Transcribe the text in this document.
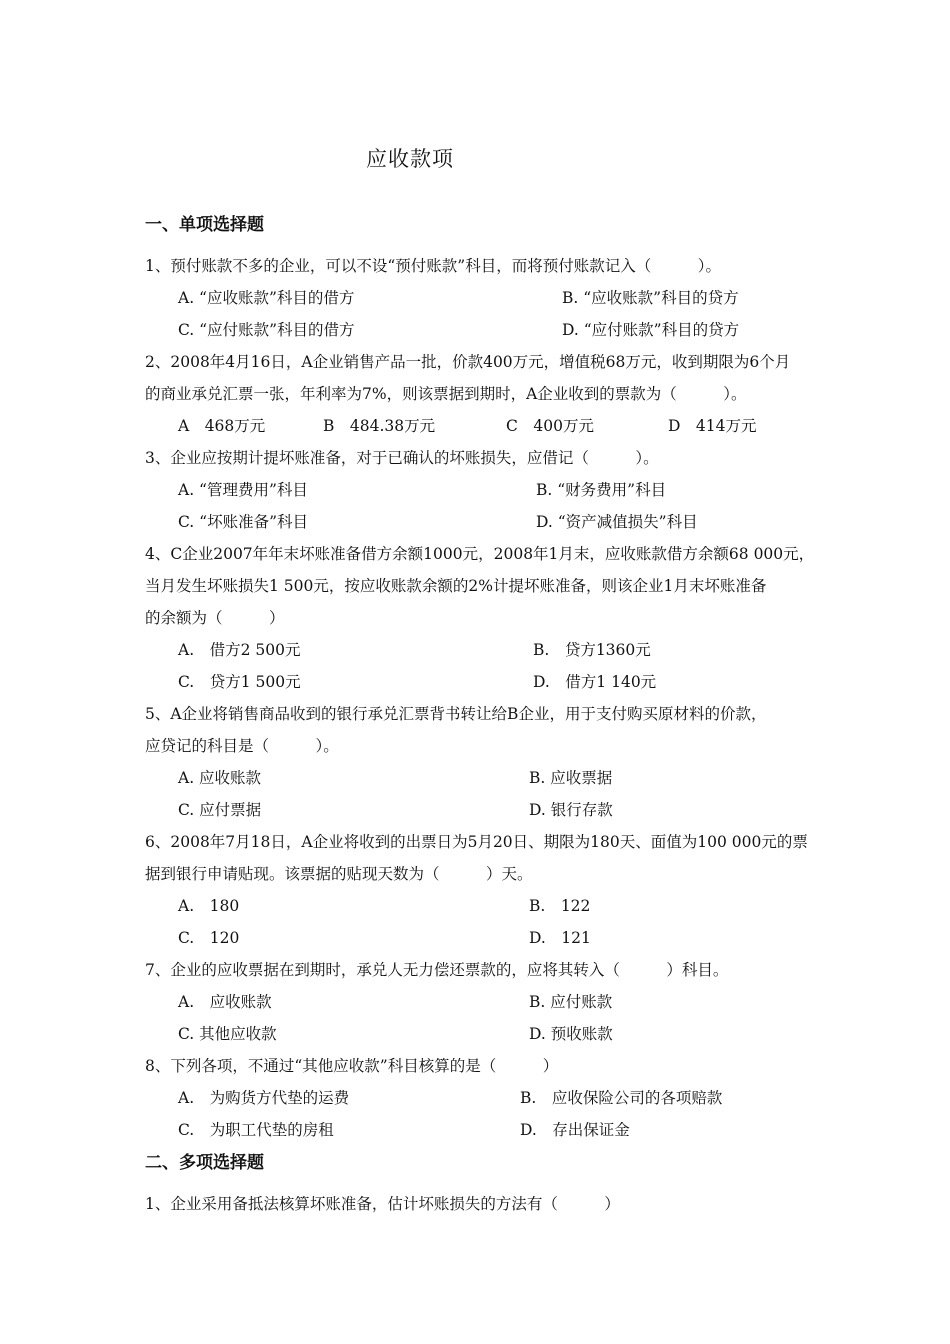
应收款项
一、单项选择题
1、预付账款不多的企业，可以不设“预付账款”科目，而将预付账款记入（　　　）。
A. “应收账款”科目的借方	B. “应收账款”科目的贷方
C. “应付账款”科目的借方	D. “应付账款”科目的贷方
2、2008年4月16日，A企业销售产品一批，价款400万元，增值税68万元，收到期限为6个月
的商业承兑汇票一张，年利率为7%，则该票据到期时，A企业收到的票款为（　　　）。
A　468万元	B　484.38万元	C　400万元	D　414万元
3、企业应按期计提坏账准备，对于已确认的坏账损失，应借记（　　　）。
A. “管理费用”科目	B. “财务费用”科目
C. “坏账准备”科目	D. “资产减值损失”科目
4、C企业2007年年末坏账准备借方余额1000元，2008年1月末，应收账款借方余额68 000元，
当月发生坏账损失1 500元，按应收账款余额的2%计提坏账准备，则该企业1月末坏账准备
的余额为（　　　）
A.　借方2 500元	B.　贷方1360元
C.　贷方1 500元	D.　借方1 140元
5、A企业将销售商品收到的银行承兑汇票背书转让给B企业，用于支付购买原材料的价款，
应贷记的科目是（　　　）。
A. 应收账款	B. 应收票据
C. 应付票据	D. 银行存款
6、2008年7月18日，A企业将收到的出票日为5月20日、期限为180天、面值为100 000元的票
据到银行申请贴现。该票据的贴现天数为（　　　）天。
A.　180	B.　122
C.　120	D.　121
7、企业的应收票据在到期时，承兑人无力偿还票款的，应将其转入（　　　）科目。
A.　应收账款	B. 应付账款
C. 其他应收款	D. 预收账款
8、下列各项，不通过“其他应收款”科目核算的是（　　　）
A.　为购货方代垫的运费	B.　应收保险公司的各项赔款
C.　为职工代垫的房租	D.　存出保证金
二、多项选择题
1、企业采用备抵法核算坏账准备，估计坏账损失的方法有（　　　）
